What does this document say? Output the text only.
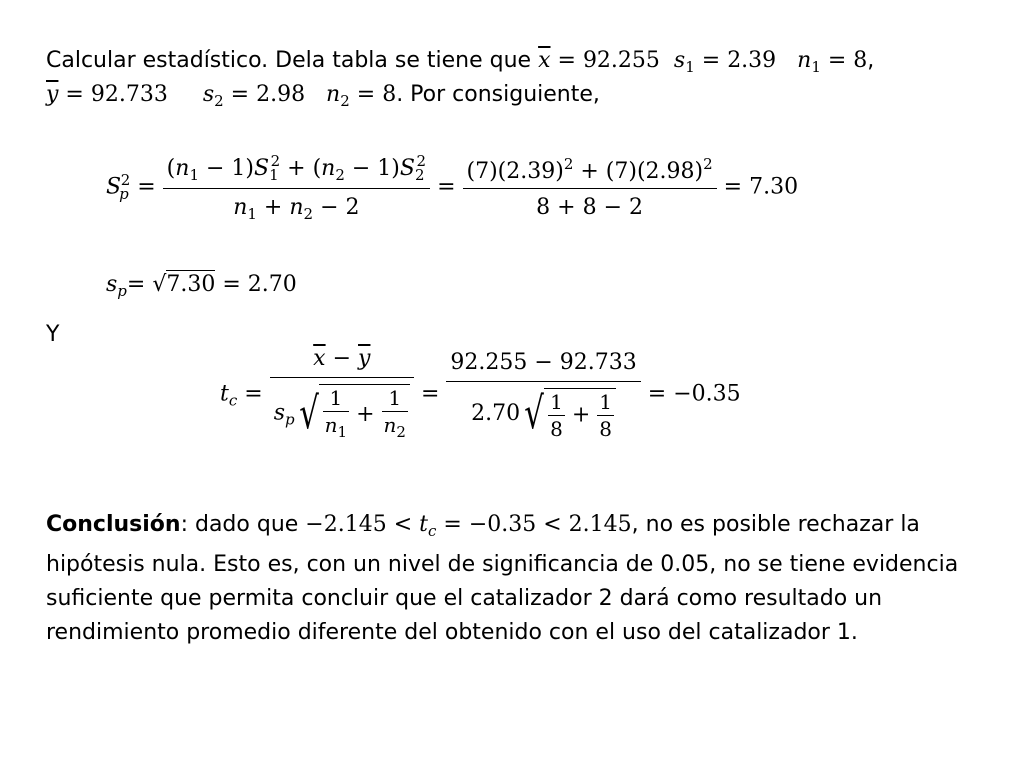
Calcular estadístico. Dela tabla se tiene que $\overline{x} = 92.255$  $s_1 = 2.39$   $n_1 = 8$,
$\overline{y} = 92.733$     $s_2 = 2.98$   $n_2 = 8$. Por consiguiente,
$S_p^2 = \frac{(n_1 - 1)S_1^2 + (n_2 - 1)S_2^2}{n_1 + n_2 - 2} = \frac{(7)(2.39)^2 + (7)(2.98)^2}{8 + 8 - 2} = 7.30$
$s_p= √7.30 = 2.70$
Y
$t_c = \frac{\overline{x} - \overline{y}}{s_p√ \frac{1}{n_1} + \frac{1}{n_2}} = \frac{92.255 - 92.733}{2.70√ \frac{1}{8} + \frac{1}{8}} = -0.35$
Conclusión: dado que $-2.145 < t_c = -0.35 < 2.145$, no es posible rechazar la hipótesis nula. Esto es, con un nivel de significancia de 0.05, no se tiene evidencia suficiente que permita concluir que el catalizador 2 dará como resultado un rendimiento promedio diferente del obtenido con el uso del catalizador 1.
